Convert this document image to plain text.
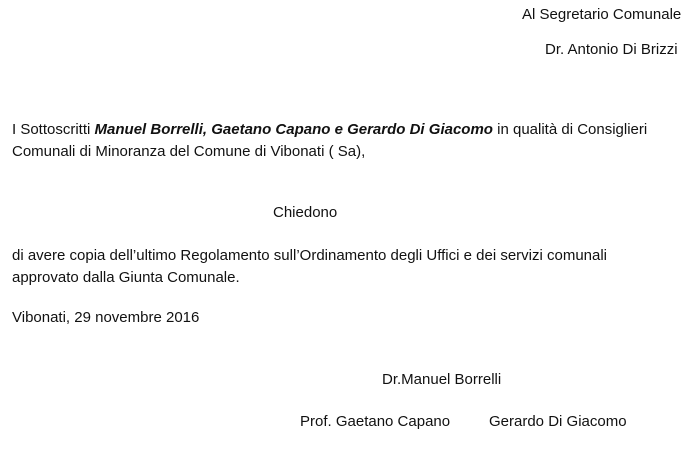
Al Segretario Comunale
Dr. Antonio Di Brizzi
I Sottoscritti Manuel Borrelli, Gaetano Capano e Gerardo Di Giacomo in qualità di Consiglieri
Comunali di Minoranza del Comune di Vibonati ( Sa),
Chiedono
di avere copia dell’ultimo Regolamento sull’Ordinamento degli Uffici e dei servizi comunali
approvato dalla Giunta Comunale.
Vibonati, 29 novembre 2016
Dr.Manuel Borrelli
Prof. Gaetano Capano	Gerardo Di Giacomo
